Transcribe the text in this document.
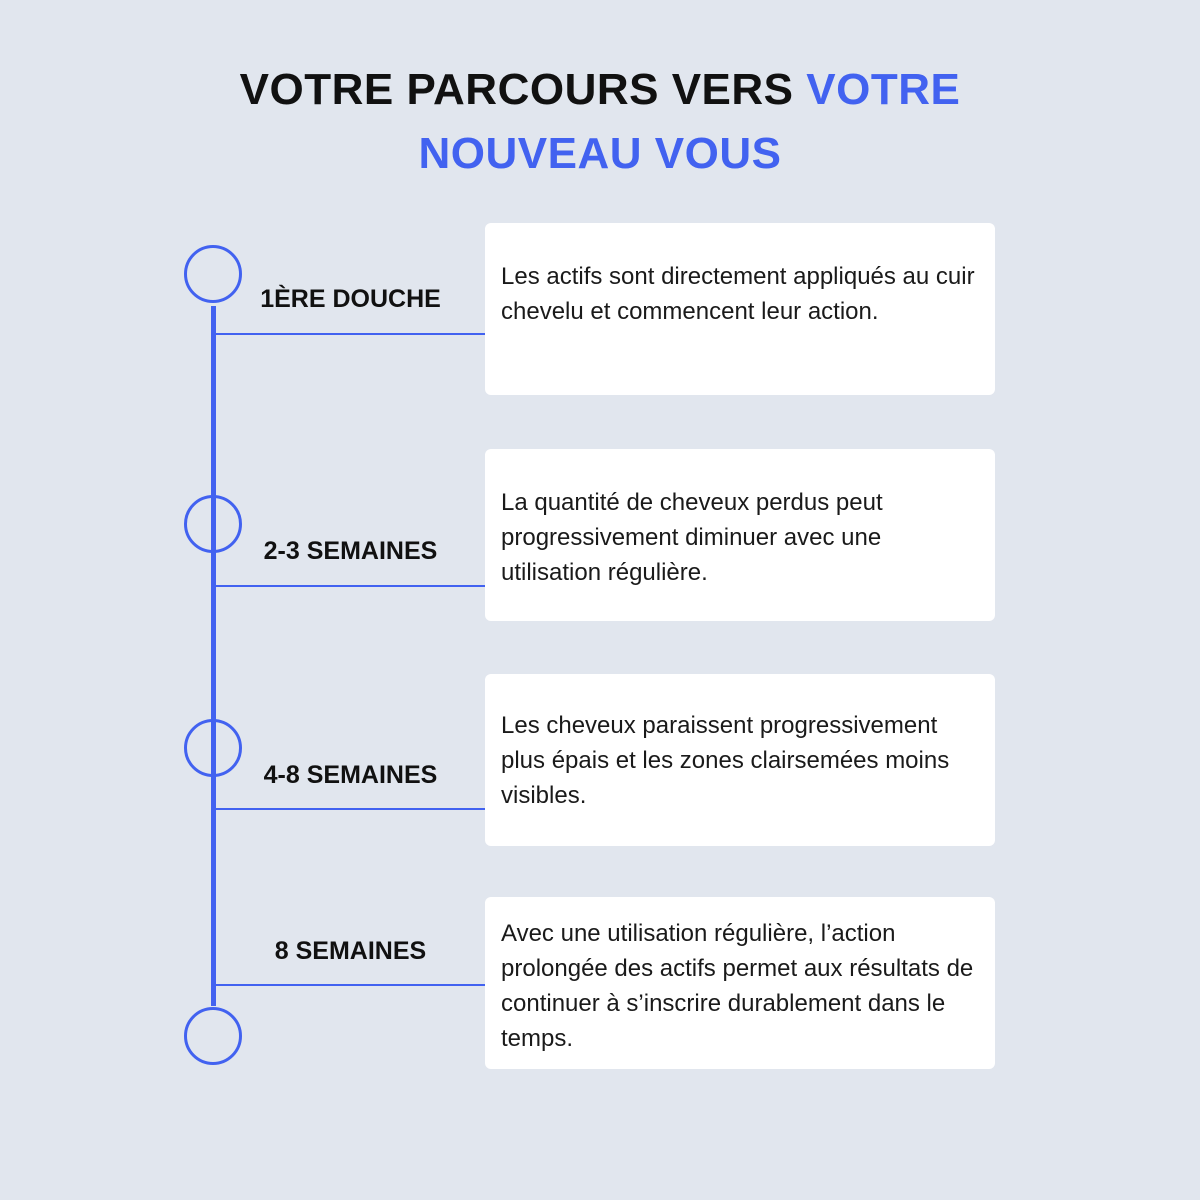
VOTRE PARCOURS VERS VOTRE
NOUVEAU VOUS
1ÈRE DOUCHE

Les actifs sont directement appliqués au cuir chevelu et commencent leur action.

2-3 SEMAINES

La quantité de cheveux perdus peut progressivement diminuer avec une utilisation régulière.

4-8 SEMAINES

Les cheveux paraissent progressivement plus épais et les zones clairsemées moins visibles.

8 SEMAINES

Avec une utilisation régulière, l’action prolongée des actifs permet aux résultats de continuer à s’inscrire durablement dans le temps.
